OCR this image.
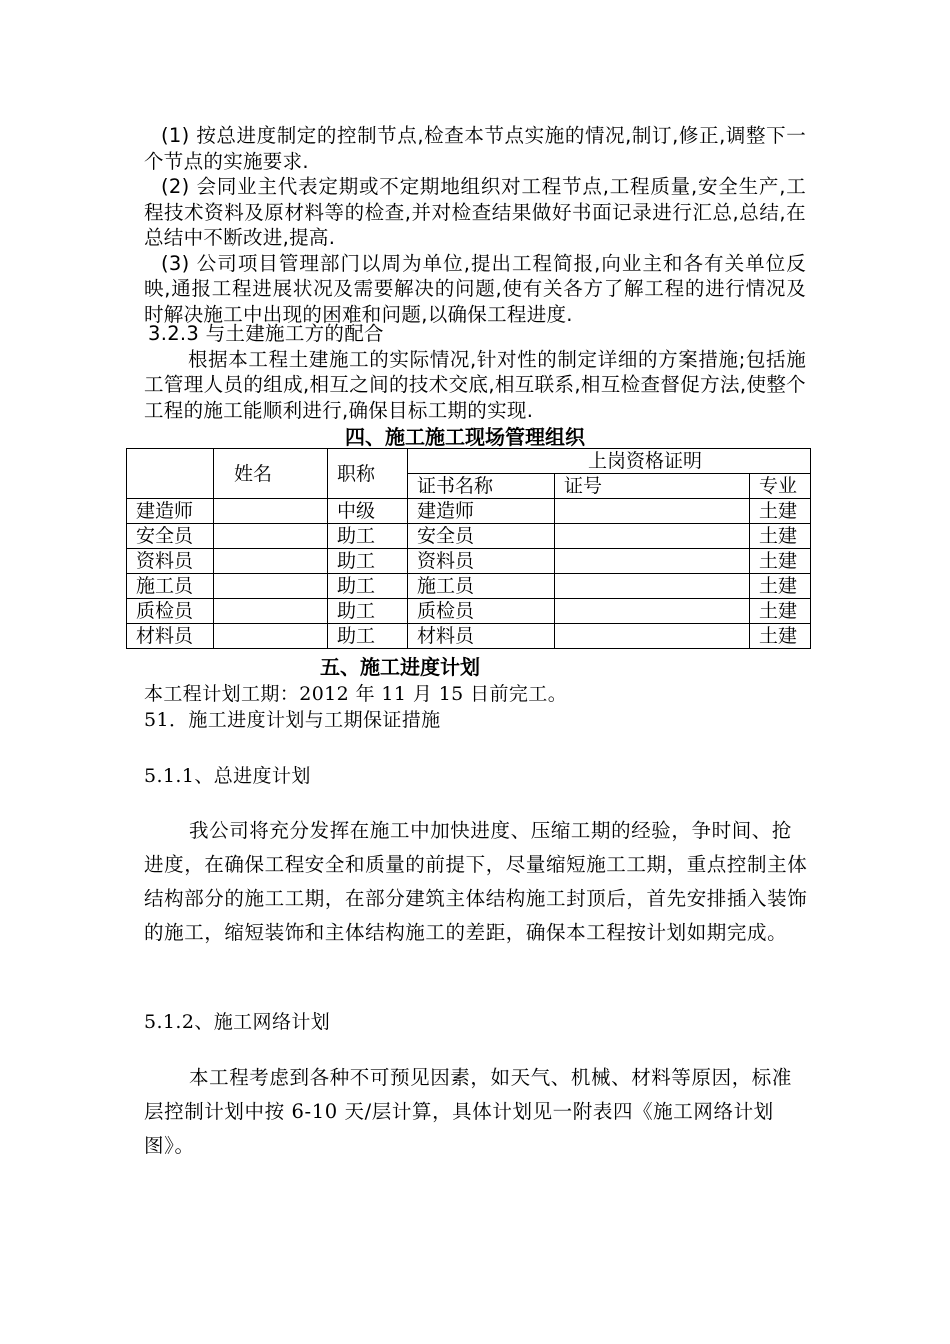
(1) 按总进度制定的控制节点,检查本节点实施的情况,制订,修正,调整下一个节点的实施要求.

(2) 会同业主代表定期或不定期地组织对工程节点,工程质量,安全生产,工程技术资料及原材料等的检查,并对检查结果做好书面记录进行汇总,总结,在总结中不断改进,提高.

(3) 公司项目管理部门以周为单位,提出工程简报,向业主和各有关单位反映,通报工程进展状况及需要解决的问题,使有关各方了解工程的进行情况及时解决施工中出现的困难和问题,以确保工程进度.

3.2.3 与土建施工方的配合

根据本工程土建施工的实际情况,针对性的制定详细的方案措施;包括施工管理人员的组成,相互之间的技术交底,相互联系,相互检查督促方法,使整个工程的施工能顺利进行,确保目标工期的实现.

四、施工施工现场管理组织
	姓名	职称	上岗资格证明		
			证书名称	证号	专业
建造师		中级	建造师		土建
安全员		助工	安全员		土建
资料员		助工	资料员		土建
施工员		助工	施工员		土建
质检员		助工	质检员		土建
材料员		助工	材料员		土建
五、施工进度计划

本工程计划工期：2012 年 11 月 15 日前完工。

51．施工进度计划与工期保证措施

5.1.1、总进度计划

我公司将充分发挥在施工中加快进度、压缩工期的经验，争时间、抢进度，在确保工程安全和质量的前提下，尽量缩短施工工期，重点控制主体结构部分的施工工期，在部分建筑主体结构施工封顶后，首先安排插入装饰的施工，缩短装饰和主体结构施工的差距，确保本工程按计划如期完成。

5.1.2、施工网络计划

本工程考虑到各种不可预见因素，如天气、机械、材料等原因，标准层控制计划中按 6-10 天/层计算，具体计划见一附表四《施工网络计划图》。
